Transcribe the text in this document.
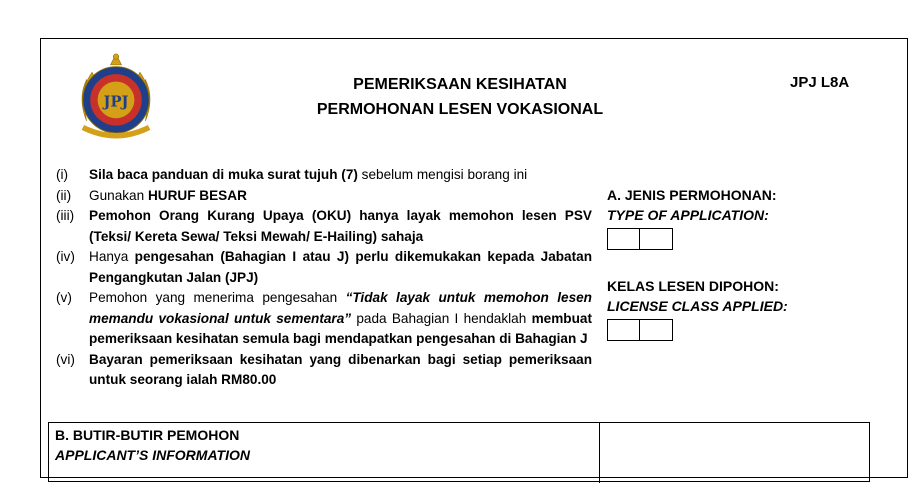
JPJ
PEMERIKSAAN KESIHATAN
PERMOHONAN LESEN VOKASIONAL
JPJ L8A
(i)	Sila baca panduan di muka surat tujuh (7) sebelum mengisi borang ini
(ii)	Gunakan HURUF BESAR
(iii)	Pemohon Orang Kurang Upaya (OKU) hanya layak memohon lesen PSV (Teksi/ Kereta Sewa/ Teksi Mewah/ E-Hailing) sahaja
(iv)	Hanya pengesahan (Bahagian I atau J) perlu dikemukakan kepada Jabatan Pengangkutan Jalan (JPJ)
(v)	Pemohon yang menerima pengesahan “Tidak layak untuk memohon lesen memandu vokasional untuk sementara” pada Bahagian I hendaklah membuat pemeriksaan kesihatan semula bagi mendapatkan pengesahan di Bahagian J
(vi)	Bayaran pemeriksaan kesihatan yang dibenarkan bagi setiap pemeriksaan untuk seorang ialah RM80.00
A. JENIS PERMOHONAN:
TYPE OF APPLICATION:
KELAS LESEN DIPOHON:
LICENSE CLASS APPLIED:
B. BUTIR-BUTIR PEMOHON
APPLICANT’S INFORMATION
